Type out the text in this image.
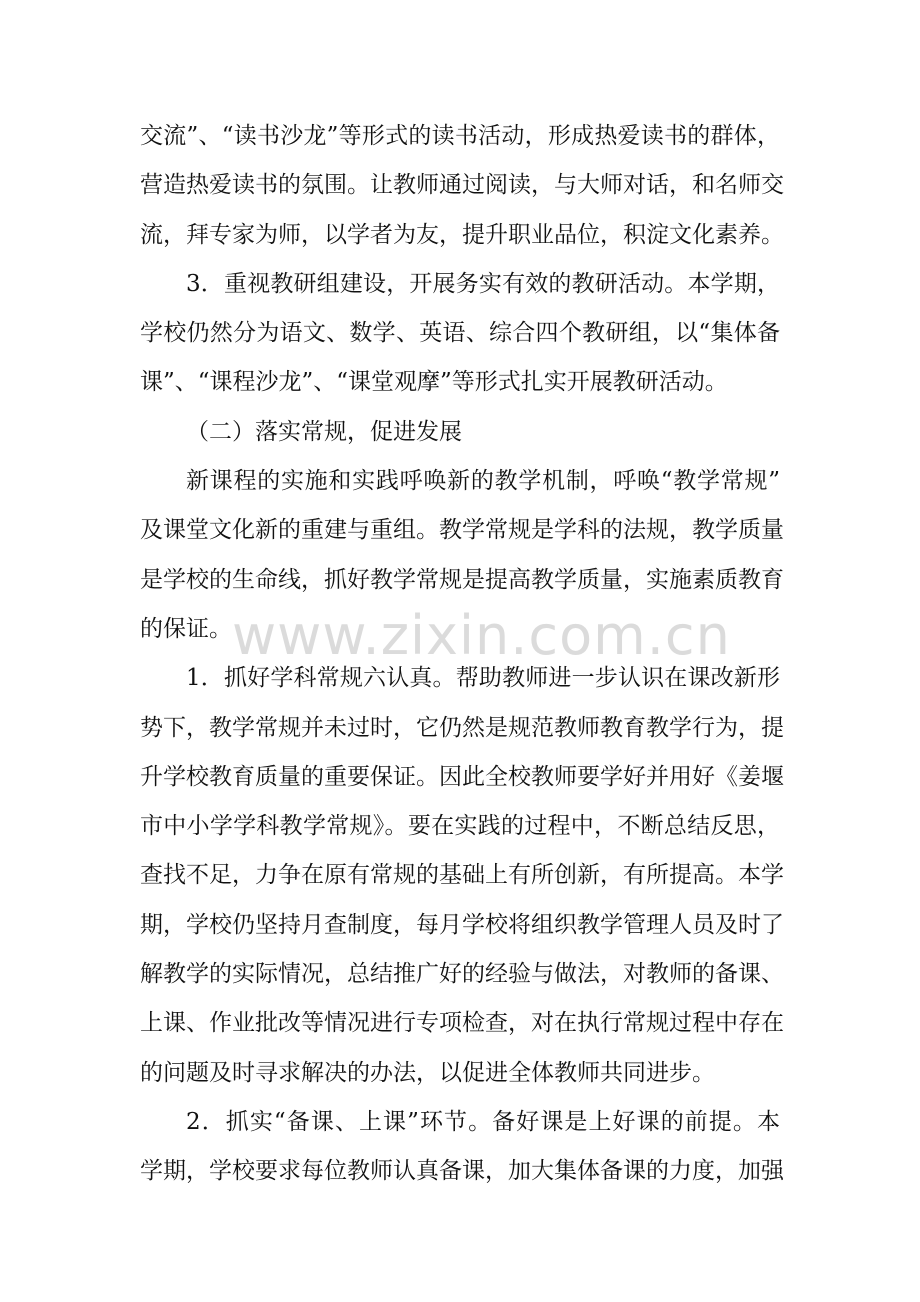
交流”、“读书沙龙”等形式的读书活动，形成热爱读书的群体，
营造热爱读书的氛围。让教师通过阅读，与大师对话，和名师交
流，拜专家为师，以学者为友，提升职业品位，积淀文化素养。
3．重视教研组建设，开展务实有效的教研活动。本学期，
学校仍然分为语文、数学、英语、综合四个教研组，以“集体备
课”、“课程沙龙”、“课堂观摩”等形式扎实开展教研活动。
（二）落实常规，促进发展
新课程的实施和实践呼唤新的教学机制，呼唤“教学常规”
及课堂文化新的重建与重组。教学常规是学科的法规，教学质量
是学校的生命线，抓好教学常规是提高教学质量，实施素质教育
的保证。
1．抓好学科常规六认真。帮助教师进一步认识在课改新形
势下，教学常规并未过时，它仍然是规范教师教育教学行为，提
升学校教育质量的重要保证。因此全校教师要学好并用好《姜堰
市中小学学科教学常规》。要在实践的过程中，不断总结反思，
查找不足，力争在原有常规的基础上有所创新，有所提高。本学
期，学校仍坚持月查制度，每月学校将组织教学管理人员及时了
解教学的实际情况，总结推广好的经验与做法，对教师的备课、
上课、作业批改等情况进行专项检查，对在执行常规过程中存在
的问题及时寻求解决的办法，以促进全体教师共同进步。
2．抓实“备课、上课”环节。备好课是上好课的前提。本
学期，学校要求每位教师认真备课，加大集体备课的力度，加强
www.zixin.com.cn
